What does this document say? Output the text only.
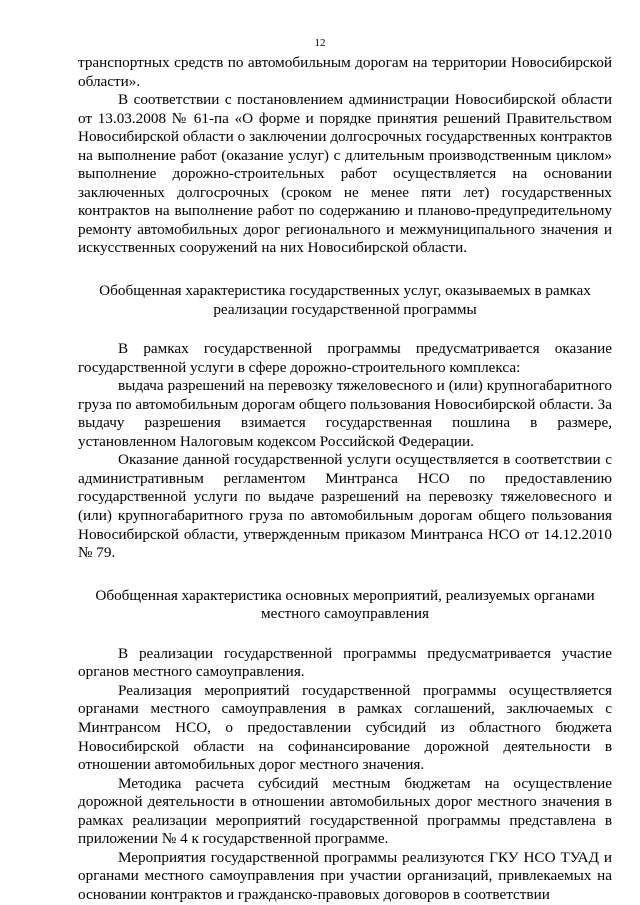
12

транспортных средств по автомобильным дорогам на территории Новосибирской области».

В соответствии с постановлением администрации Новосибирской области от 13.03.2008 № 61-па «О форме и порядке принятия решений Правительством Новосибирской области о заключении долгосрочных государственных контрактов на выполнение работ (оказание услуг) с длительным производственным циклом» выполнение дорожно-строительных работ осуществляется на основании заключенных долгосрочных (сроком не менее пяти лет) государственных контрактов на выполнение работ по содержанию и планово-предупредительному ремонту автомобильных дорог регионального и межмуниципального значения и искусственных сооружений на них Новосибирской области.

Обобщенная характеристика государственных услуг, оказываемых в рамках реализации государственной программы

В рамках государственной программы предусматривается оказание государственной услуги в сфере дорожно-строительного комплекса:

выдача разрешений на перевозку тяжеловесного и (или) крупногабаритного груза по автомобильным дорогам общего пользования Новосибирской области. За выдачу разрешения взимается государственная пошлина в размере, установленном Налоговым кодексом Российской Федерации.

Оказание данной государственной услуги осуществляется в соответствии с административным регламентом Минтранса НСО по предоставлению государственной услуги по выдаче разрешений на перевозку тяжеловесного и (или) крупногабаритного груза по автомобильным дорогам общего пользования Новосибирской области, утвержденным приказом Минтранса НСО от 14.12.2010 № 79.

Обобщенная характеристика основных мероприятий, реализуемых органами местного самоуправления

В реализации государственной программы предусматривается участие органов местного самоуправления.

Реализация мероприятий государственной программы осуществляется органами местного самоуправления в рамках соглашений, заключаемых с Минтрансом НСО, о предоставлении субсидий из областного бюджета Новосибирской области на софинансирование дорожной деятельности в отношении автомобильных дорог местного значения.

Методика расчета субсидий местным бюджетам на осуществление дорожной деятельности в отношении автомобильных дорог местного значения в рамках реализации мероприятий государственной программы представлена в приложении № 4 к государственной программе.

Мероприятия государственной программы реализуются ГКУ НСО ТУАД и органами местного самоуправления при участии организаций, привлекаемых на основании контрактов и гражданско-правовых договоров в соответствии
